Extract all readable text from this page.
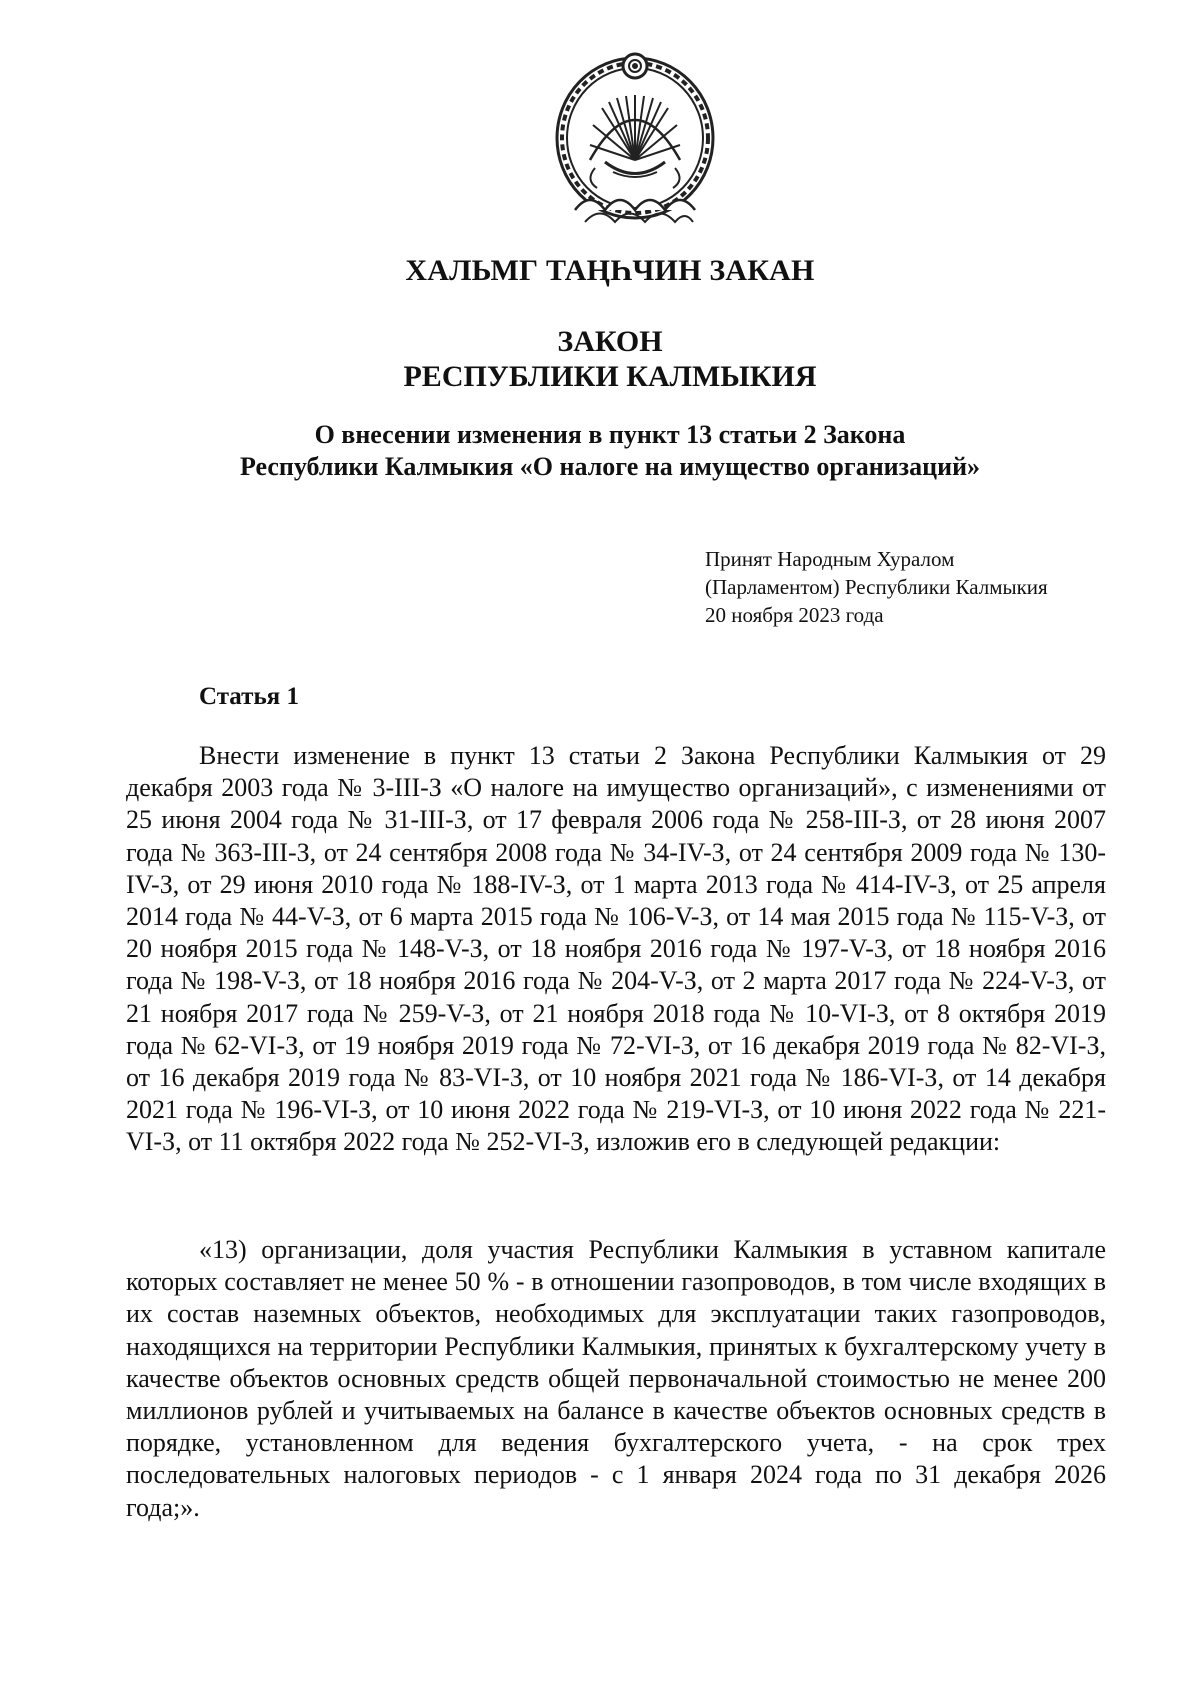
ХАЛЬМГ ТАҢҺЧИН ЗАКАН
ЗАКОН
РЕСПУБЛИКИ КАЛМЫКИЯ
О внесении изменения в пункт 13 статьи 2 Закона
Республики Калмыкия «О налоге на имущество организаций»
Принят Народным Хуралом
(Парламентом) Республики Калмыкия
20 ноября 2023 года
Статья 1

Внести изменение в пункт 13 статьи 2 Закона Республики Калмыкия от 29 декабря 2003 года № 3-III-З «О налоге на имущество организаций», с изменениями от 25 июня 2004 года № 31-III-З, от 17 февраля 2006 года № 258-III-З, от 28 июня 2007 года № 363-III-З, от 24 сентября 2008 года № 34-IV-З, от 24 сентября 2009 года № 130-IV-З, от 29 июня 2010 года № 188-IV-З, от 1 марта 2013 года № 414-IV-З, от 25 апреля 2014 года № 44-V-З, от 6 марта 2015 года № 106-V-З, от 14 мая 2015 года № 115-V-З, от 20 ноября 2015 года № 148-V-З, от 18 ноября 2016 года № 197-V-З, от 18 ноября 2016 года № 198-V-З, от 18 ноября 2016 года № 204-V-З, от 2 марта 2017 года № 224-V-З, от 21 ноября 2017 года № 259-V-З, от 21 ноября 2018 года № 10-VI-З, от 8 октября 2019 года № 62-VI-З, от 19 ноября 2019 года № 72-VI-З, от 16 декабря 2019 года № 82-VI-З, от 16 декабря 2019 года № 83-VI-З, от 10 ноября 2021 года № 186-VI-З, от 14 декабря 2021 года № 196-VI-З, от 10 июня 2022 года № 219-VI-З, от 10 июня 2022 года № 221-VI-З, от 11 октября 2022 года № 252-VI-З, изложив его в следующей редакции:

«13) организации, доля участия Республики Калмыкия в уставном капитале которых составляет не менее 50 % - в отношении газопроводов, в том числе входящих в их состав наземных объектов, необходимых для эксплуатации таких газопроводов, находящихся на территории Республики Калмыкия, принятых к бухгалтерскому учету в качестве объектов основных средств общей первоначальной стоимостью не менее 200 миллионов рублей и учитываемых на балансе в качестве объектов основных средств в порядке, установленном для ведения бухгалтерского учета, - на срок трех последовательных налоговых периодов - с 1 января 2024 года по 31 декабря 2026 года;».
